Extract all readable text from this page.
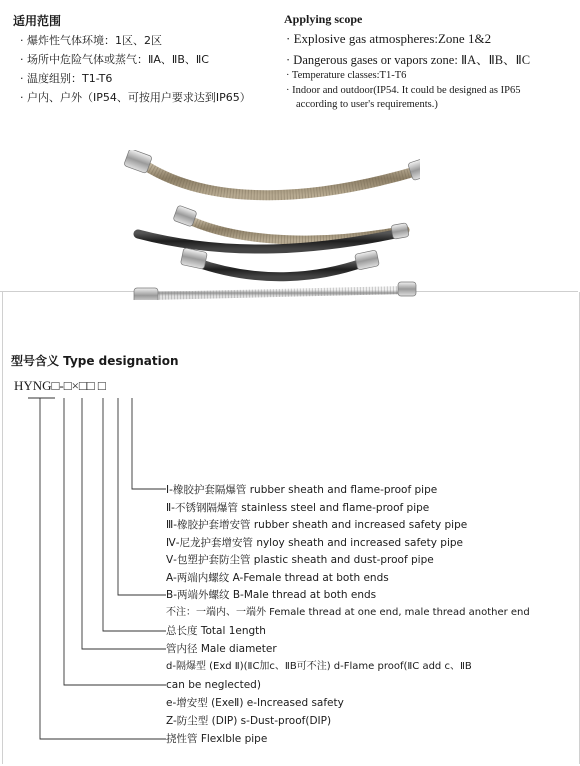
适用范围
· 爆炸性气体环境：1区、2区
· 场所中危险气体或蒸气：ⅡA、ⅡB、ⅡC
· 温度组别：T1-T6
· 户内、户外（IP54、可按用户要求达到IP65）
Applying scope
· Explosive gas atmospheres:Zone 1&2
· Dangerous gases or vapors zone: ⅡA、ⅡB、ⅡC
· Temperature classes:T1-T6
· Indoor and outdoor(IP54. It could be designed as IP65
according to user's requirements.)
型号含义 Type designation
HYNG□-□×□□ □
Ⅰ-橡胶护套隔爆管 rubber sheath and flame-proof pipe
Ⅱ-不锈钢隔爆管 stainless steel and flame-proof pipe
Ⅲ-橡胶护套增安管 rubber sheath and increased safety pipe
Ⅳ-尼龙护套增安管 nyloy sheath and increased safety pipe
Ⅴ-包塑护套防尘管 plastic sheath and dust-proof pipe
A-两端内螺纹 A-Female thread at both ends
B-两端外螺纹 B-Male thread at both ends
不注：一端内、一端外 Female thread at one end, male thread another end
总长度 Total 1ength
管内径 Male diameter
d-隔爆型 (Exd Ⅱ)(ⅡC加c、ⅡB可不注) d-Flame proof(ⅡC add c、ⅡB
can be neglected)
e-增安型 (ExeⅡ) e-Increased safety
Z-防尘型 (DIP) s-Dust-proof(DIP)
挠性管 Flexlble pipe
